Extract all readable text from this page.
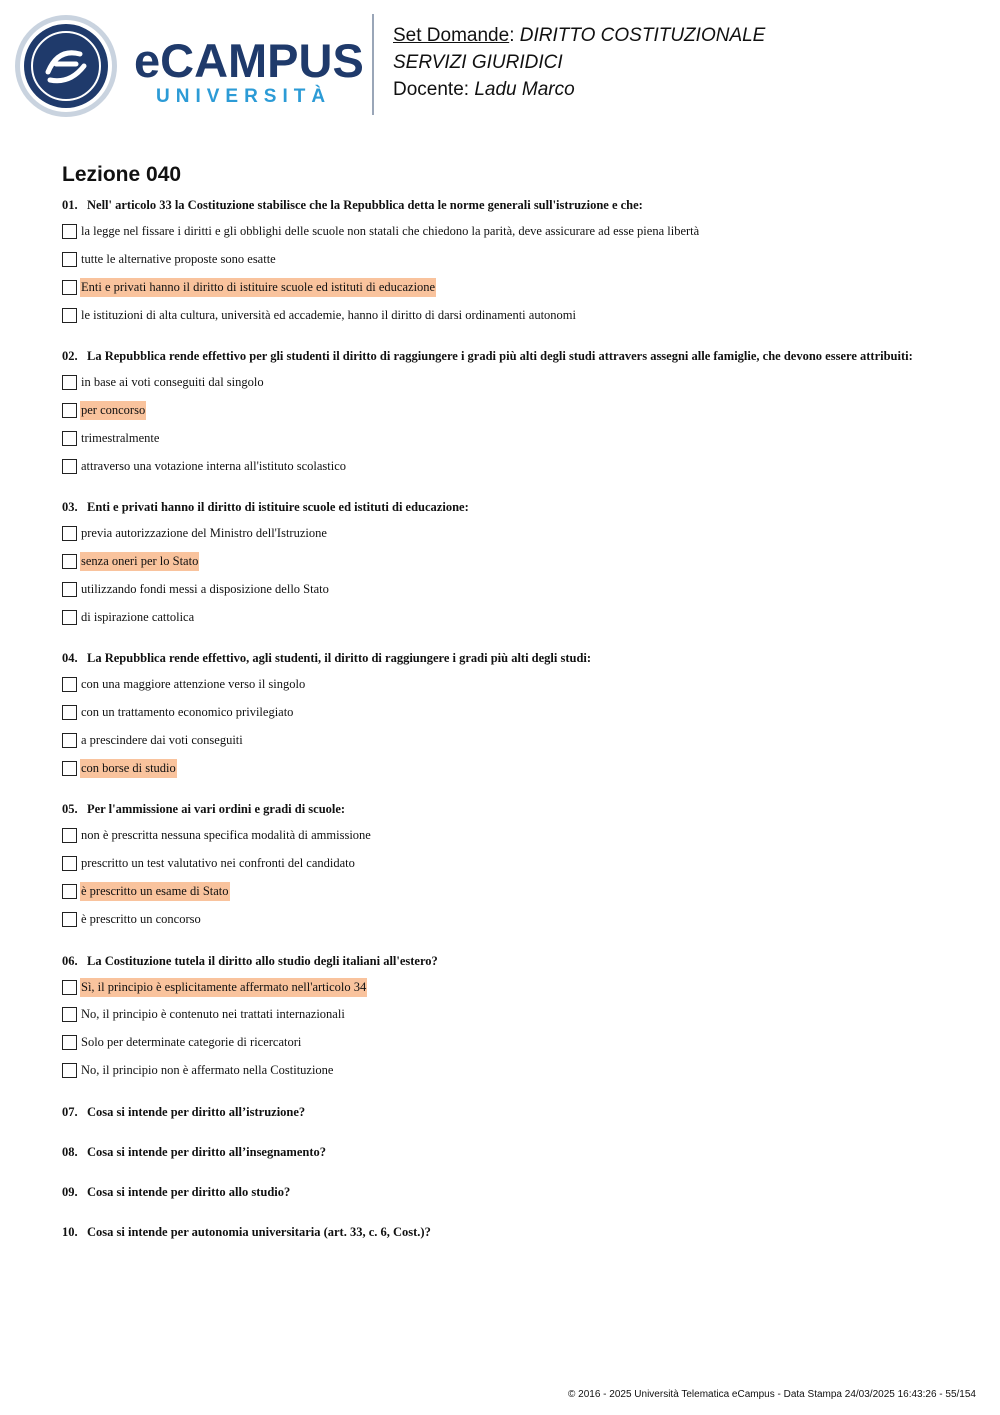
eCAMPUS
UNIVERSITÀ
Set Domande: DIRITTO COSTITUZIONALE
SERVIZI GIURIDICI
Docente: Ladu Marco
Lezione 040
01. Nell' articolo 33 la Costituzione stabilisce che la Repubblica detta le norme generali sull'istruzione e che:
la legge nel fissare i diritti e gli obblighi delle scuole non statali che chiedono la parità, deve assicurare ad esse piena libertà
tutte le alternative proposte sono esatte
Enti e privati hanno il diritto di istituire scuole ed istituti di educazione
le istituzioni di alta cultura, università ed accademie, hanno il diritto di darsi ordinamenti autonomi
02. La Repubblica rende effettivo per gli studenti il diritto di raggiungere i gradi più alti degli studi attravers assegni alle famiglie, che devono essere attribuiti:
in base ai voti conseguiti dal singolo
per concorso
trimestralmente
attraverso una votazione interna all'istituto scolastico
03. Enti e privati hanno il diritto di istituire scuole ed istituti di educazione:
previa autorizzazione del Ministro dell'Istruzione
senza oneri per lo Stato
utilizzando fondi messi a disposizione dello Stato
di ispirazione cattolica
04. La Repubblica rende effettivo, agli studenti, il diritto di raggiungere i gradi più alti degli studi:
con una maggiore attenzione verso il singolo
con un trattamento economico privilegiato
a prescindere dai voti conseguiti
con borse di studio
05. Per l'ammissione ai vari ordini e gradi di scuole:
non è prescritta nessuna specifica modalità di ammissione
prescritto un test valutativo nei confronti del candidato
è prescritto un esame di Stato
è prescritto un concorso
06. La Costituzione tutela il diritto allo studio degli italiani all'estero?
Sì, il principio è esplicitamente affermato nell'articolo 34
No, il principio è contenuto nei trattati internazionali
Solo per determinate categorie di ricercatori
No, il principio non è affermato nella Costituzione
07. Cosa si intende per diritto all’istruzione?
08. Cosa si intende per diritto all’insegnamento?
09. Cosa si intende per diritto allo studio?
10. Cosa si intende per autonomia universitaria (art. 33, c. 6, Cost.)?
© 2016 - 2025 Università Telematica eCampus - Data Stampa 24/03/2025 16:43:26 - 55/154
